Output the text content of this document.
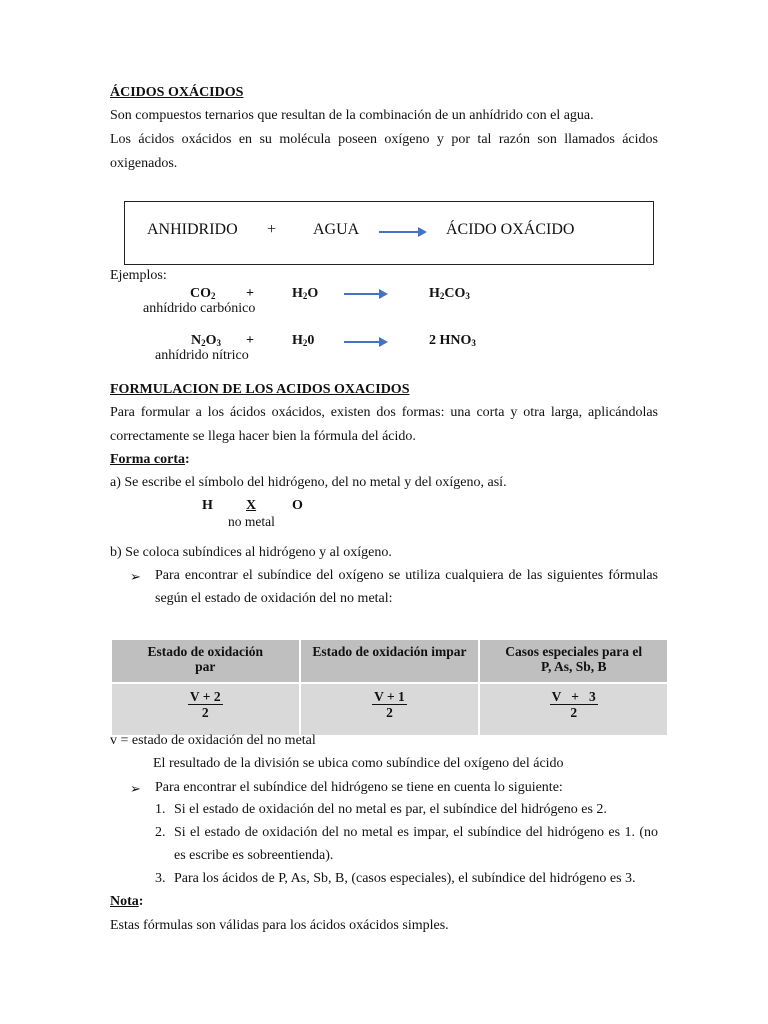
ÁCIDOS OXÁCIDOS
Son compuestos ternarios que resultan de la combinación de un anhídrido con el agua.
Los ácidos oxácidos en su molécula poseen oxígeno y por tal razón son llamados ácidos
oxigenados.
ANHIDRIDO + AGUA → ÁCIDO OXÁCIDO
Ejemplos:
$CO_2$ +	$H_2O$	$H_2CO_3$
anhídrido carbónico
$N_2O_3$ +	$H_20$	2 $HNO_3$
anhídrido nítrico
FORMULACION DE LOS ACIDOS OXACIDOS
Para formular a los ácidos oxácidos, existen dos formas: una corta y otra larga, aplicándolas
correctamente se llega hacer bien la fórmula del ácido.
Forma corta:
a) Se escribe el símbolo del hidrógeno, del no metal y del oxígeno, así.
H X	O
no metal
b) Se coloca subíndices al hidrógeno y al oxígeno.
➢ Para encontrar el subíndice del oxígeno se utiliza cualquiera de las siguientes fórmulas
según el estado de oxidación del no metal:
Estado de oxidación
par	Estado de oxidación impar	Casos especiales para el
P, As, Sb, B

$\frac{V + 2}{2}$	$\frac{V + 1}{2}$	$\frac{V + 3}{2}$
v = estado de oxidación del no metal
El resultado de la división se ubica como subíndice del oxígeno del ácido
➢ Para encontrar el subíndice del hidrógeno se tiene en cuenta lo siguiente:
1. Si el estado de oxidación del no metal es par, el subíndice del hidrógeno es 2.
2. Si el estado de oxidación del no metal es impar, el subíndice del hidrógeno es 1. (no
es escribe es sobreentienda).
3. Para los ácidos de P, As, Sb, B, (casos especiales), el subíndice del hidrógeno es 3.
Nota:
Estas fórmulas son válidas para los ácidos oxácidos simples.
